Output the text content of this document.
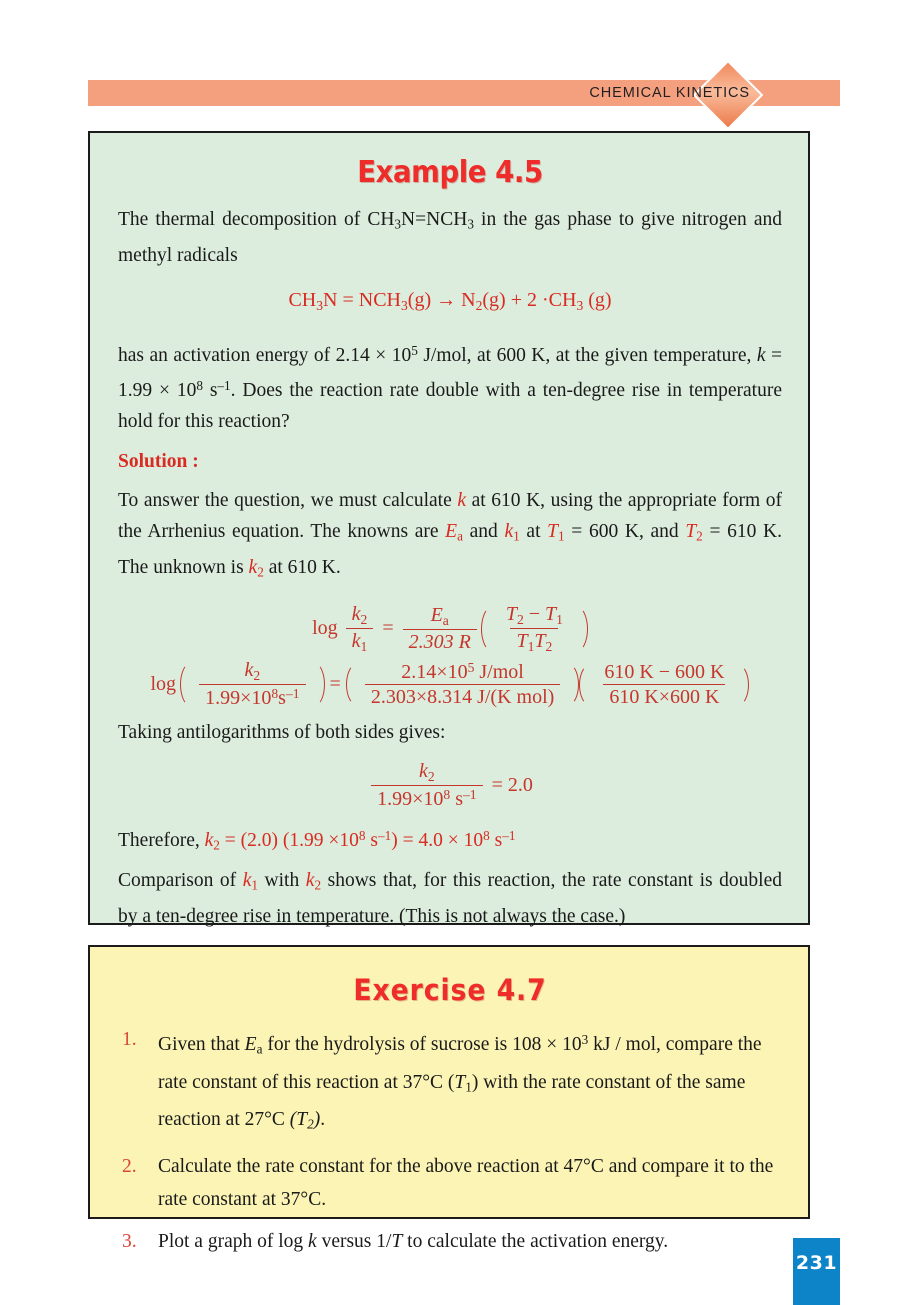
CHEMICAL KINETICS
Example 4.5

The thermal decomposition of $CH_3N=NCH_3$ in the gas phase to give nitrogen and methyl radicals

$CH_3N = NCH_3(g) \to N_2(g) + 2 \cdot CH_3$ (g)

has an activation energy of $2.14 \times 10^5$ J/mol, at 600 K, at the given temperature, $k = 1.99 \times 10^8$ $s^{-1}$. Does the reaction rate double with a ten-degree rise in temperature hold for this reaction?

Solution :

To answer the question, we must calculate k at 610 K, using the appropriate form of the Arrhenius equation. The knowns are $E_a$ and $k_1$ at $T_1 = 600$ K, and $T_2 = 610$ K. The unknown is $k_2$ at 610 K.

$\log \frac{k_2}{k_1} = \frac{E_a}{2.303 R} \frac{T_2 - T_1}{T_1T_2}$
$\log \frac{k_2}{1.99\times 10^8s^{-1}} = \frac{2.14\times 10^5 J/mol}{\text{2.303×8.314 J/(K mol)}} \frac{610 K - 600 K}{610 K\times 600 K}$

Taking antilogarithms of both sides gives:

$\frac{k_2}{1.99\times 10^8 s^{-1}} = 2.0$

Therefore, $k_2 = (2.0)$ ($1.99 \times 10^8$ $s^{-1}) = 4.0 \times 10^8$ $s^{-1}$

Comparison of $k_1$ with $k_2$ shows that, for this reaction, the rate constant is doubled by a ten-degree rise in temperature. (This is not always the case.)

Exercise 4.7
1. Given that $E_a$ for the hydrolysis of sucrose is $108 \times 10^3$ kJ / mol, compare the rate constant of this reaction at 37°C $(T_1)$ with the rate constant of the same reaction at 27°C $(T_2)$.
2. Calculate the rate constant for the above reaction at 47°C and compare it to the rate constant at 37°C.
3. Plot a graph of log k versus 1/T to calculate the activation energy.
231
